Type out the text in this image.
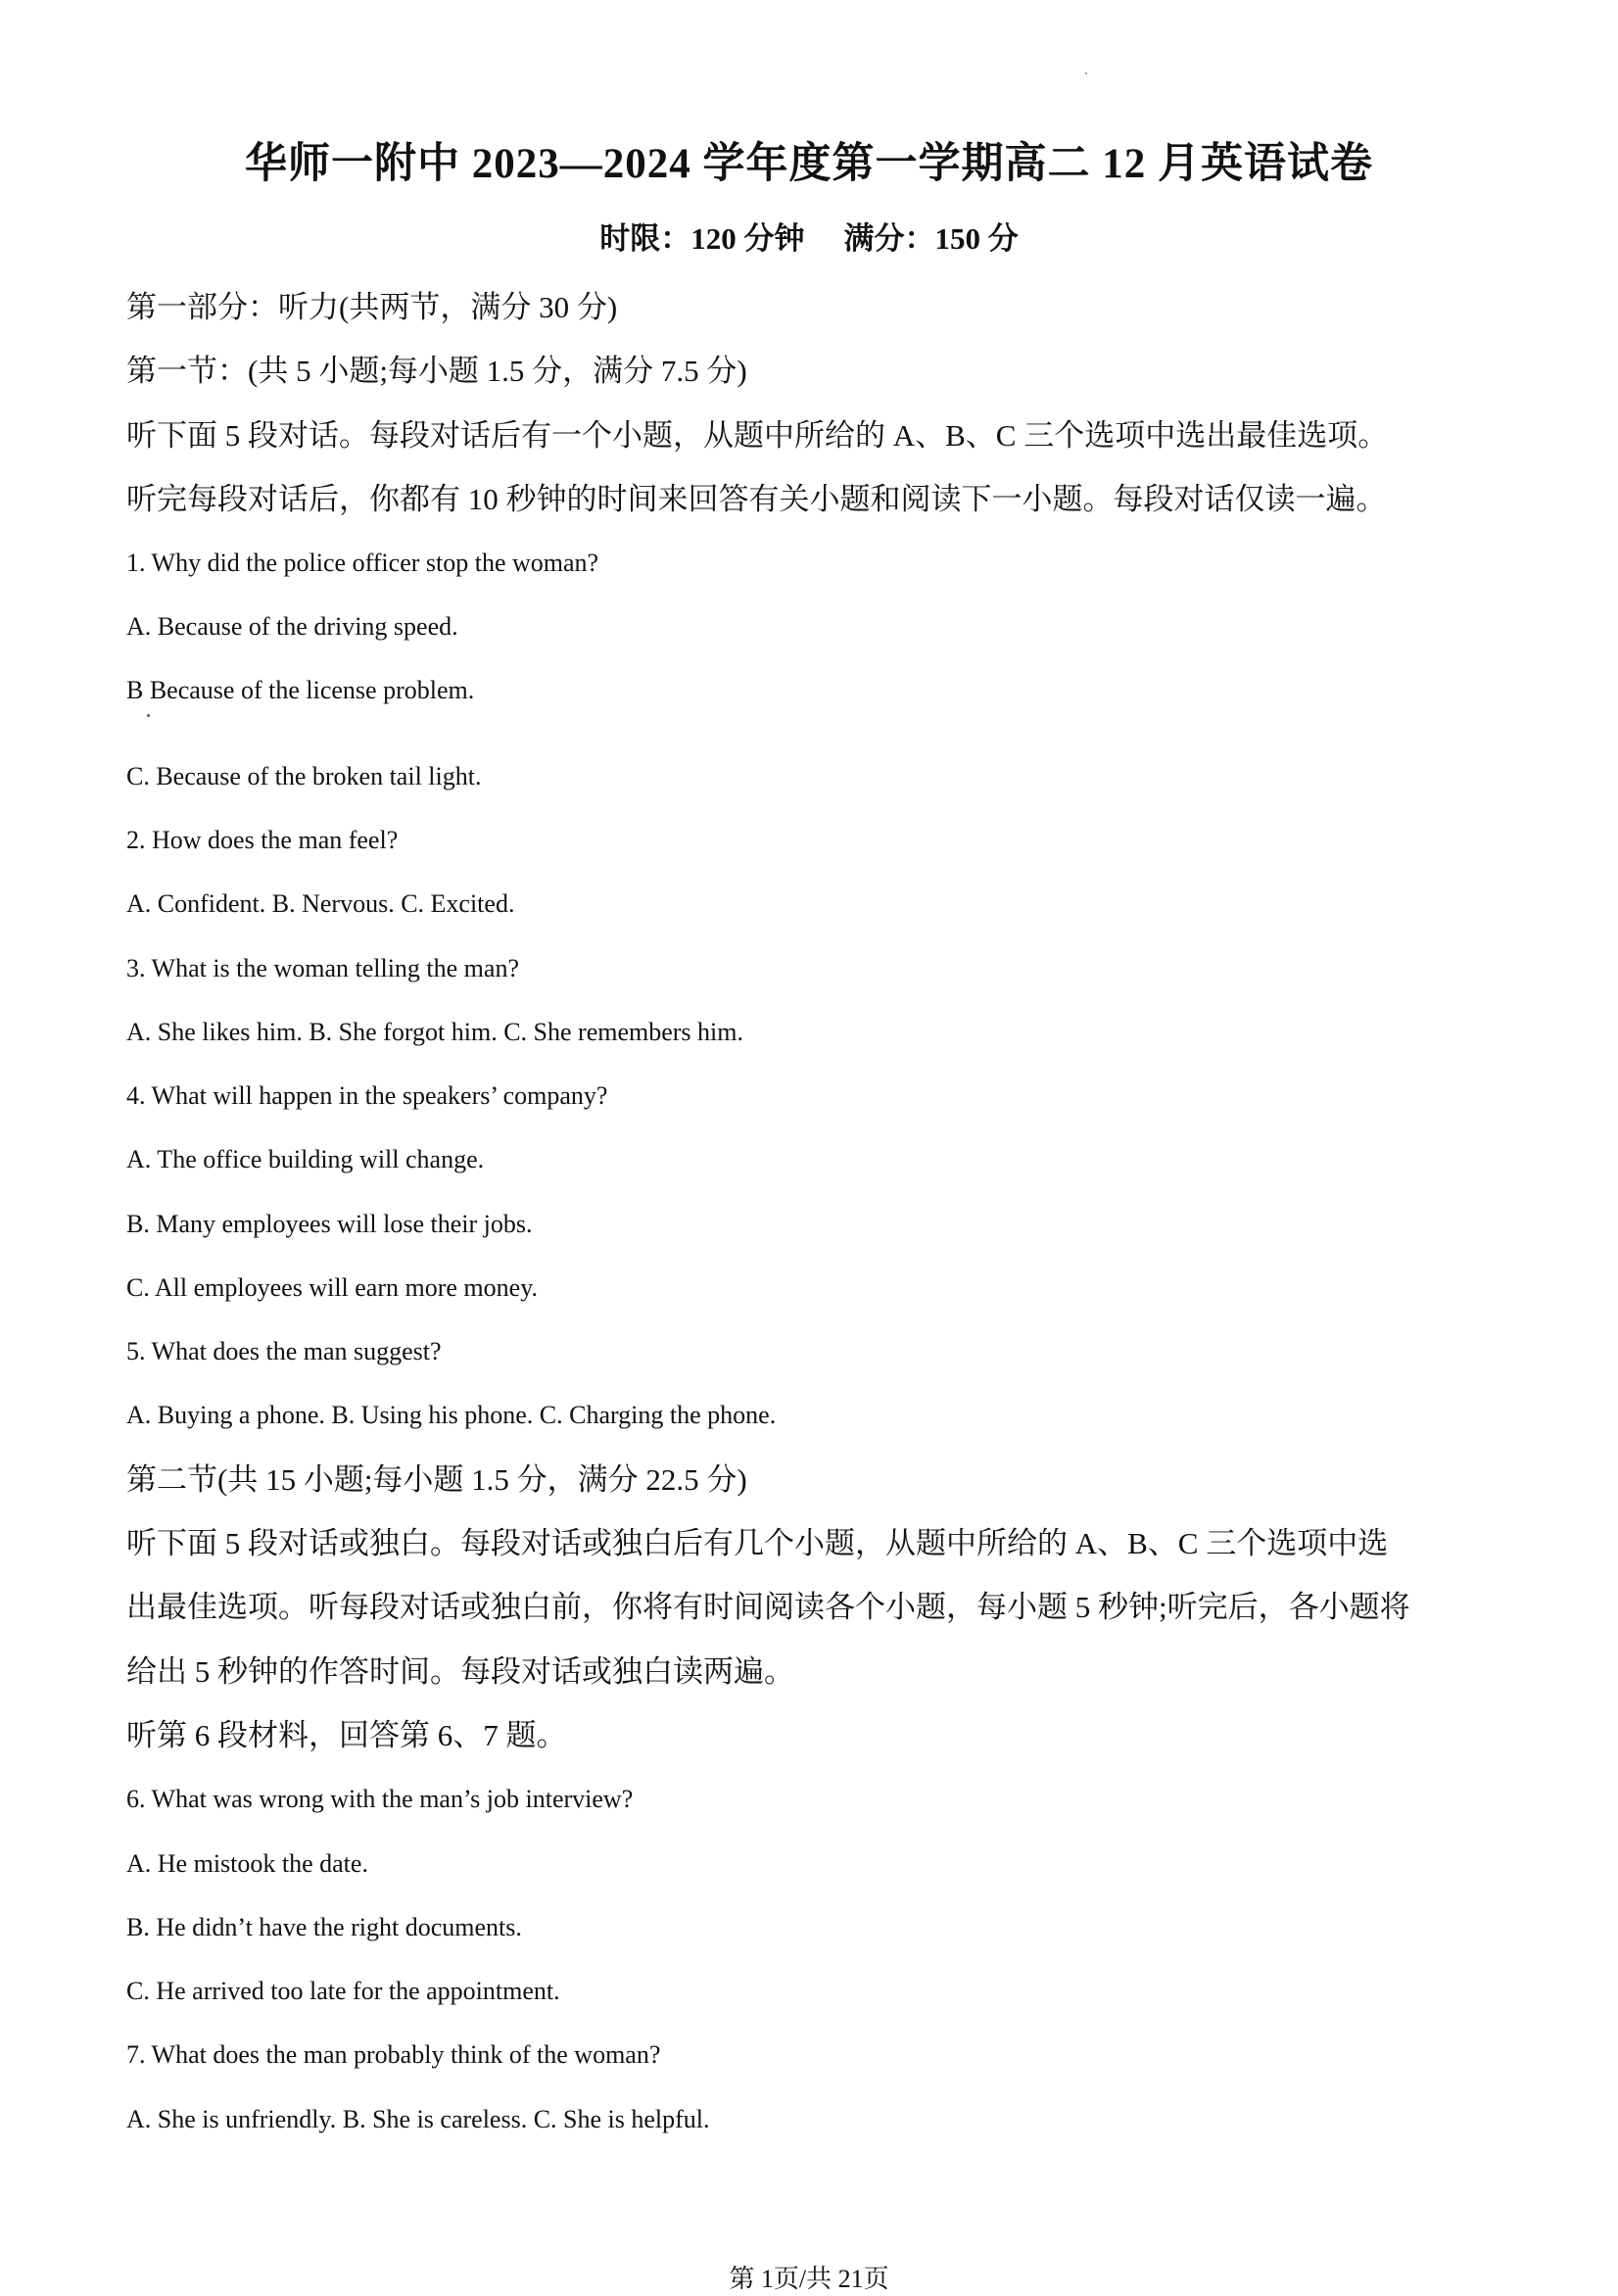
华师一附中 2023—2024 学年度第一学期高二 12 月英语试卷
时限：120 分钟 满分：150 分
第一部分：听力(共两节，满分 30 分)
第一节：(共 5 小题;每小题 1.5 分，满分 7.5 分)
听下面 5 段对话。每段对话后有一个小题，从题中所给的 A、B、C 三个选项中选出最佳选项。
听完每段对话后，你都有 10 秒钟的时间来回答有关小题和阅读下一小题。每段对话仅读一遍。
1. Why did the police officer stop the woman?
A. Because of the driving speed.
B Because of the license problem.
C. Because of the broken tail light.
2. How does the man feel?
A. Confident. B. Nervous. C. Excited.
3. What is the woman telling the man?
A. She likes him. B. She forgot him. C. She remembers him.
4. What will happen in the speakers’ company?
A. The office building will change.
B. Many employees will lose their jobs.
C. All employees will earn more money.
5. What does the man suggest?
A. Buying a phone. B. Using his phone. C. Charging the phone.
第二节(共 15 小题;每小题 1.5 分，满分 22.5 分)
听下面 5 段对话或独白。每段对话或独白后有几个小题，从题中所给的 A、B、C 三个选项中选
出最佳选项。听每段对话或独白前，你将有时间阅读各个小题，每小题 5 秒钟;听完后，各小题将
给出 5 秒钟的作答时间。每段对话或独白读两遍。
听第 6 段材料，回答第 6、7 题。
6. What was wrong with the man’s job interview?
A. He mistook the date.
B. He didn’t have the right documents.
C. He arrived too late for the appointment.
7. What does the man probably think of the woman?
A. She is unfriendly. B. She is careless. C. She is helpful.
第 1页/共 21页
